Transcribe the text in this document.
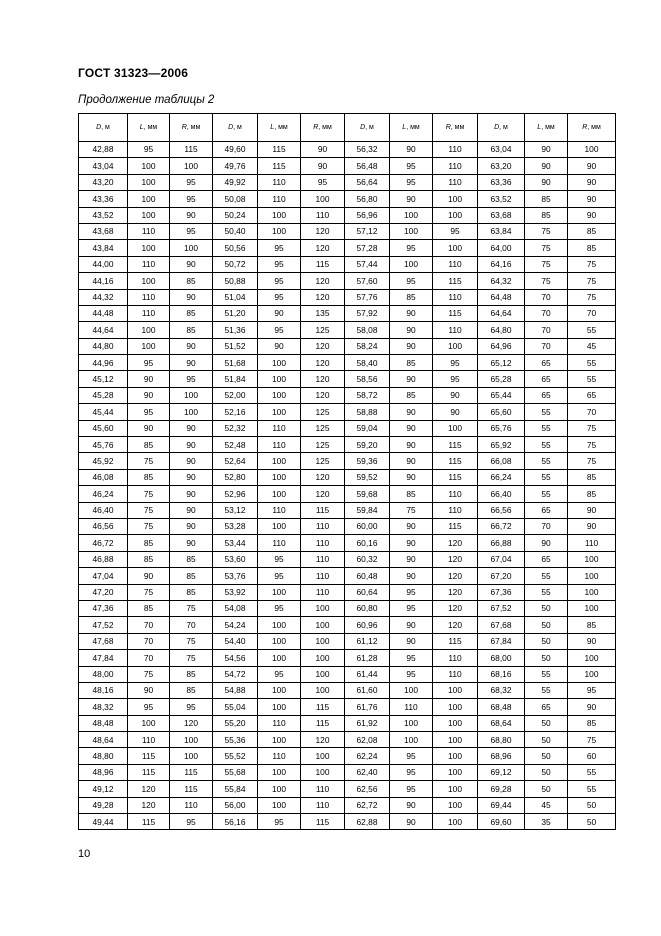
ГОСТ 31323—2006
Продолжение таблицы 2
D, м	L, мм	R, мм	D, м	L, мм	R, мм	D, м	L, мм	R, мм	D, м	L, мм	R, мм
42,88	95	115	49,60	115	90	56,32	90	110	63,04	90	100
43,04	100	100	49,76	115	90	56,48	95	110	63,20	90	90
43,20	100	95	49,92	110	95	56,64	95	110	63,36	90	90
43,36	100	95	50,08	110	100	56,80	90	100	63,52	85	90
43,52	100	90	50,24	100	110	56,96	100	100	63,68	85	90
43,68	110	95	50,40	100	120	57,12	100	95	63,84	75	85
43,84	100	100	50,56	95	120	57,28	95	100	64,00	75	85
44,00	110	90	50,72	95	115	57,44	100	110	64,16	75	75
44,16	100	85	50,88	95	120	57,60	95	115	64,32	75	75
44,32	110	90	51,04	95	120	57,76	85	110	64,48	70	75
44,48	110	85	51,20	90	135	57,92	90	115	64,64	70	70
44,64	100	85	51,36	95	125	58,08	90	110	64,80	70	55
44,80	100	90	51,52	90	120	58,24	90	100	64,96	70	45
44,96	95	90	51,68	100	120	58,40	85	95	65,12	65	55
45,12	90	95	51,84	100	120	58,56	90	95	65,28	65	55
45,28	90	100	52,00	100	120	58,72	85	90	65,44	65	65
45,44	95	100	52,16	100	125	58,88	90	90	65,60	55	70
45,60	90	90	52,32	110	125	59,04	90	100	65,76	55	75
45,76	85	90	52,48	110	125	59,20	90	115	65,92	55	75
45,92	75	90	52,64	100	125	59,36	90	115	66,08	55	75
46,08	85	90	52,80	100	120	59,52	90	115	66,24	55	85
46,24	75	90	52,96	100	120	59,68	85	110	66,40	55	85
46,40	75	90	53,12	110	115	59,84	75	110	66,56	65	90
46,56	75	90	53,28	100	110	60,00	90	115	66,72	70	90
46,72	85	90	53,44	110	110	60,16	90	120	66,88	90	110
46,88	85	85	53,60	95	110	60,32	90	120	67,04	65	100
47,04	90	85	53,76	95	110	60,48	90	120	67,20	55	100
47,20	75	85	53,92	100	110	60,64	95	120	67,36	55	100
47,36	85	75	54,08	95	100	60,80	95	120	67,52	50	100
47,52	70	70	54,24	100	100	60,96	90	120	67,68	50	85
47,68	70	75	54,40	100	100	61,12	90	115	67,84	50	90
47,84	70	75	54,56	100	100	61,28	95	110	68,00	50	100
48,00	75	85	54,72	95	100	61,44	95	110	68,16	55	100
48,16	90	85	54,88	100	100	61,60	100	100	68,32	55	95
48,32	95	95	55,04	100	115	61,76	110	100	68,48	65	90
48,48	100	120	55,20	110	115	61,92	100	100	68,64	50	85
48,64	110	100	55,36	100	120	62,08	100	100	68,80	50	75
48,80	115	100	55,52	110	100	62,24	95	100	68,96	50	60
48,96	115	115	55,68	100	100	62,40	95	100	69,12	50	55
49,12	120	115	55,84	100	110	62,56	95	100	69,28	50	55
49,28	120	110	56,00	100	110	62,72	90	100	69,44	45	50
49,44	115	95	56,16	95	115	62,88	90	100	69,60	35	50
10
